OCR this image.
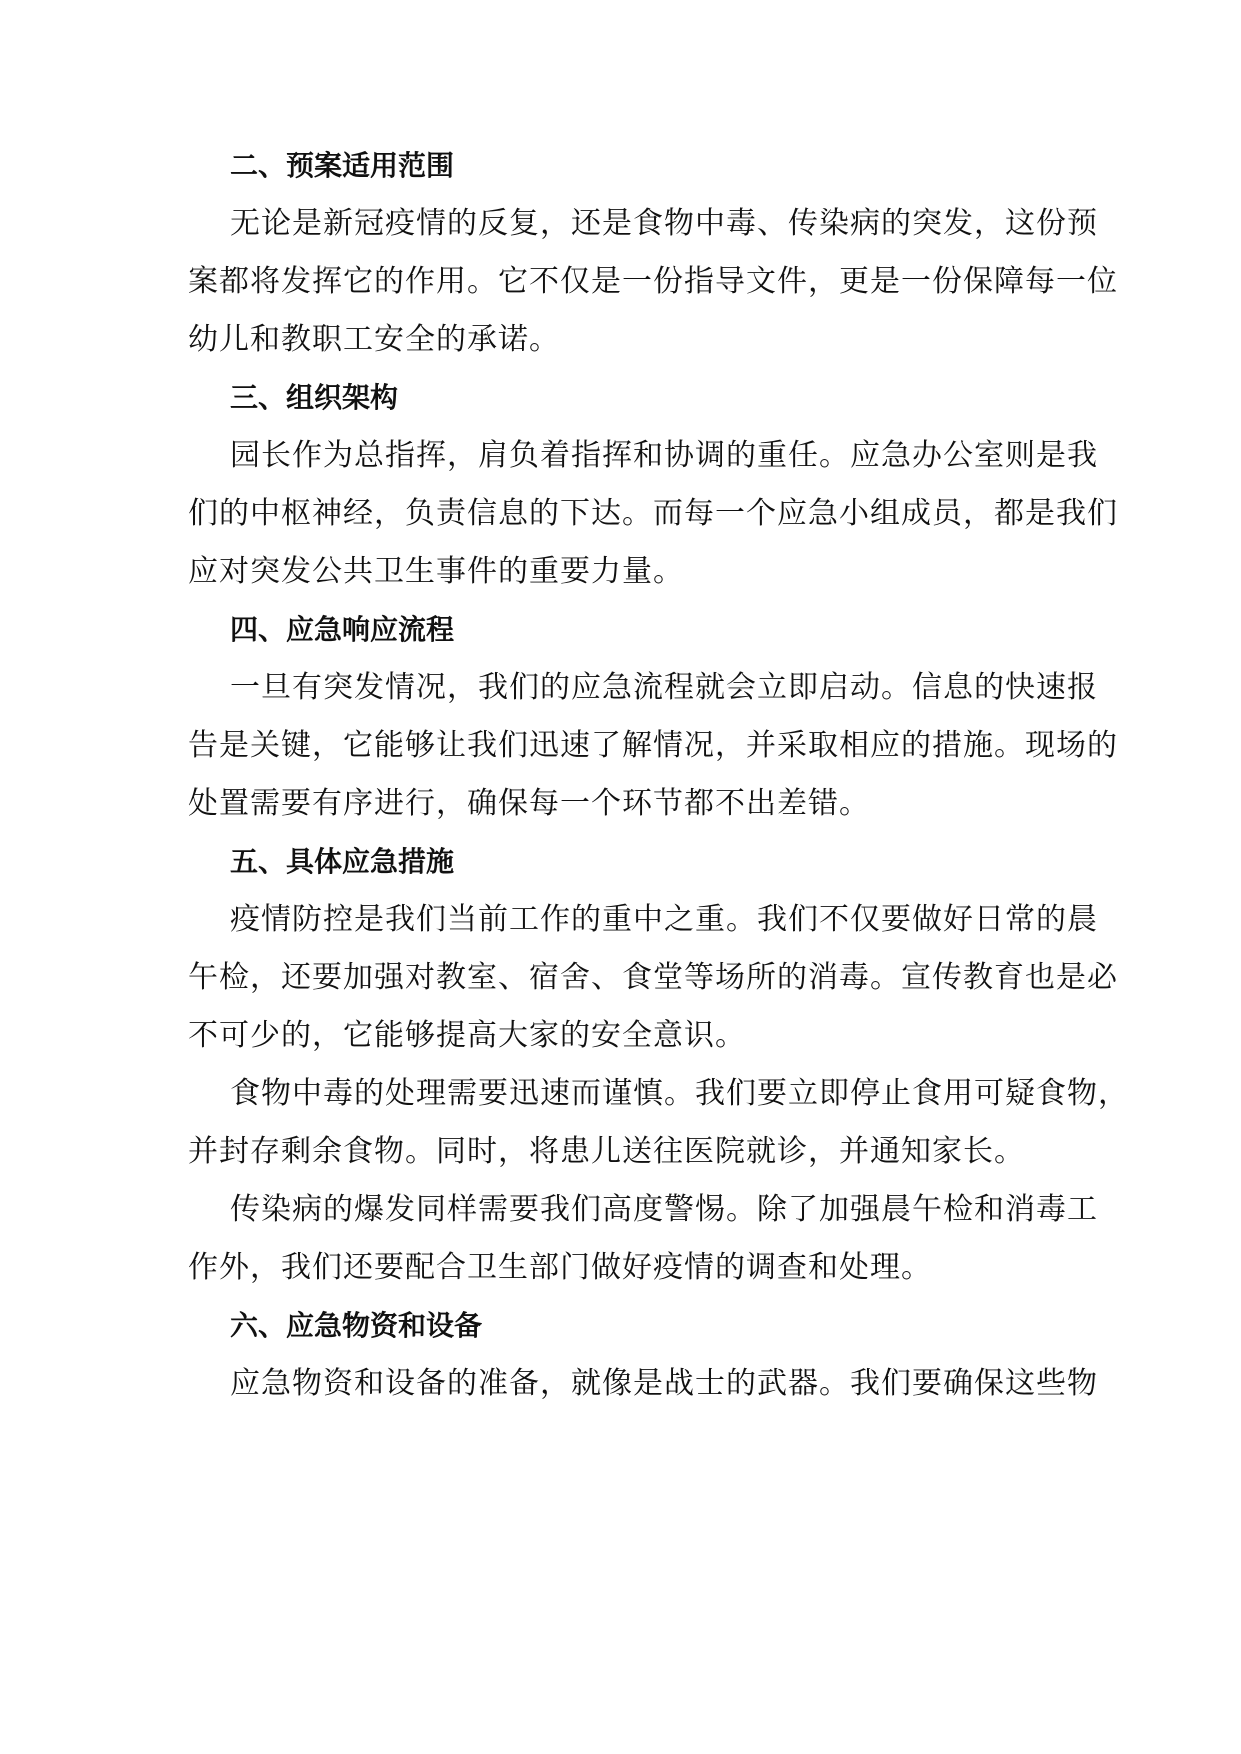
二、预案适用范围
无论是新冠疫情的反复，还是食物中毒、传染病的突发，这份预
案都将发挥它的作用。它不仅是一份指导文件，更是一份保障每一位
幼儿和教职工安全的承诺。
三、组织架构
园长作为总指挥，肩负着指挥和协调的重任。应急办公室则是我
们的中枢神经，负责信息的下达。而每一个应急小组成员，都是我们
应对突发公共卫生事件的重要力量。
四、应急响应流程
一旦有突发情况，我们的应急流程就会立即启动。信息的快速报
告是关键，它能够让我们迅速了解情况，并采取相应的措施。现场的
处置需要有序进行，确保每一个环节都不出差错。
五、具体应急措施
疫情防控是我们当前工作的重中之重。我们不仅要做好日常的晨
午检，还要加强对教室、宿舍、食堂等场所的消毒。宣传教育也是必
不可少的，它能够提高大家的安全意识。
食物中毒的处理需要迅速而谨慎。我们要立即停止食用可疑食物，
并封存剩余食物。同时，将患儿送往医院就诊，并通知家长。
传染病的爆发同样需要我们高度警惕。除了加强晨午检和消毒工
作外，我们还要配合卫生部门做好疫情的调查和处理。
六、应急物资和设备
应急物资和设备的准备，就像是战士的武器。我们要确保这些物
